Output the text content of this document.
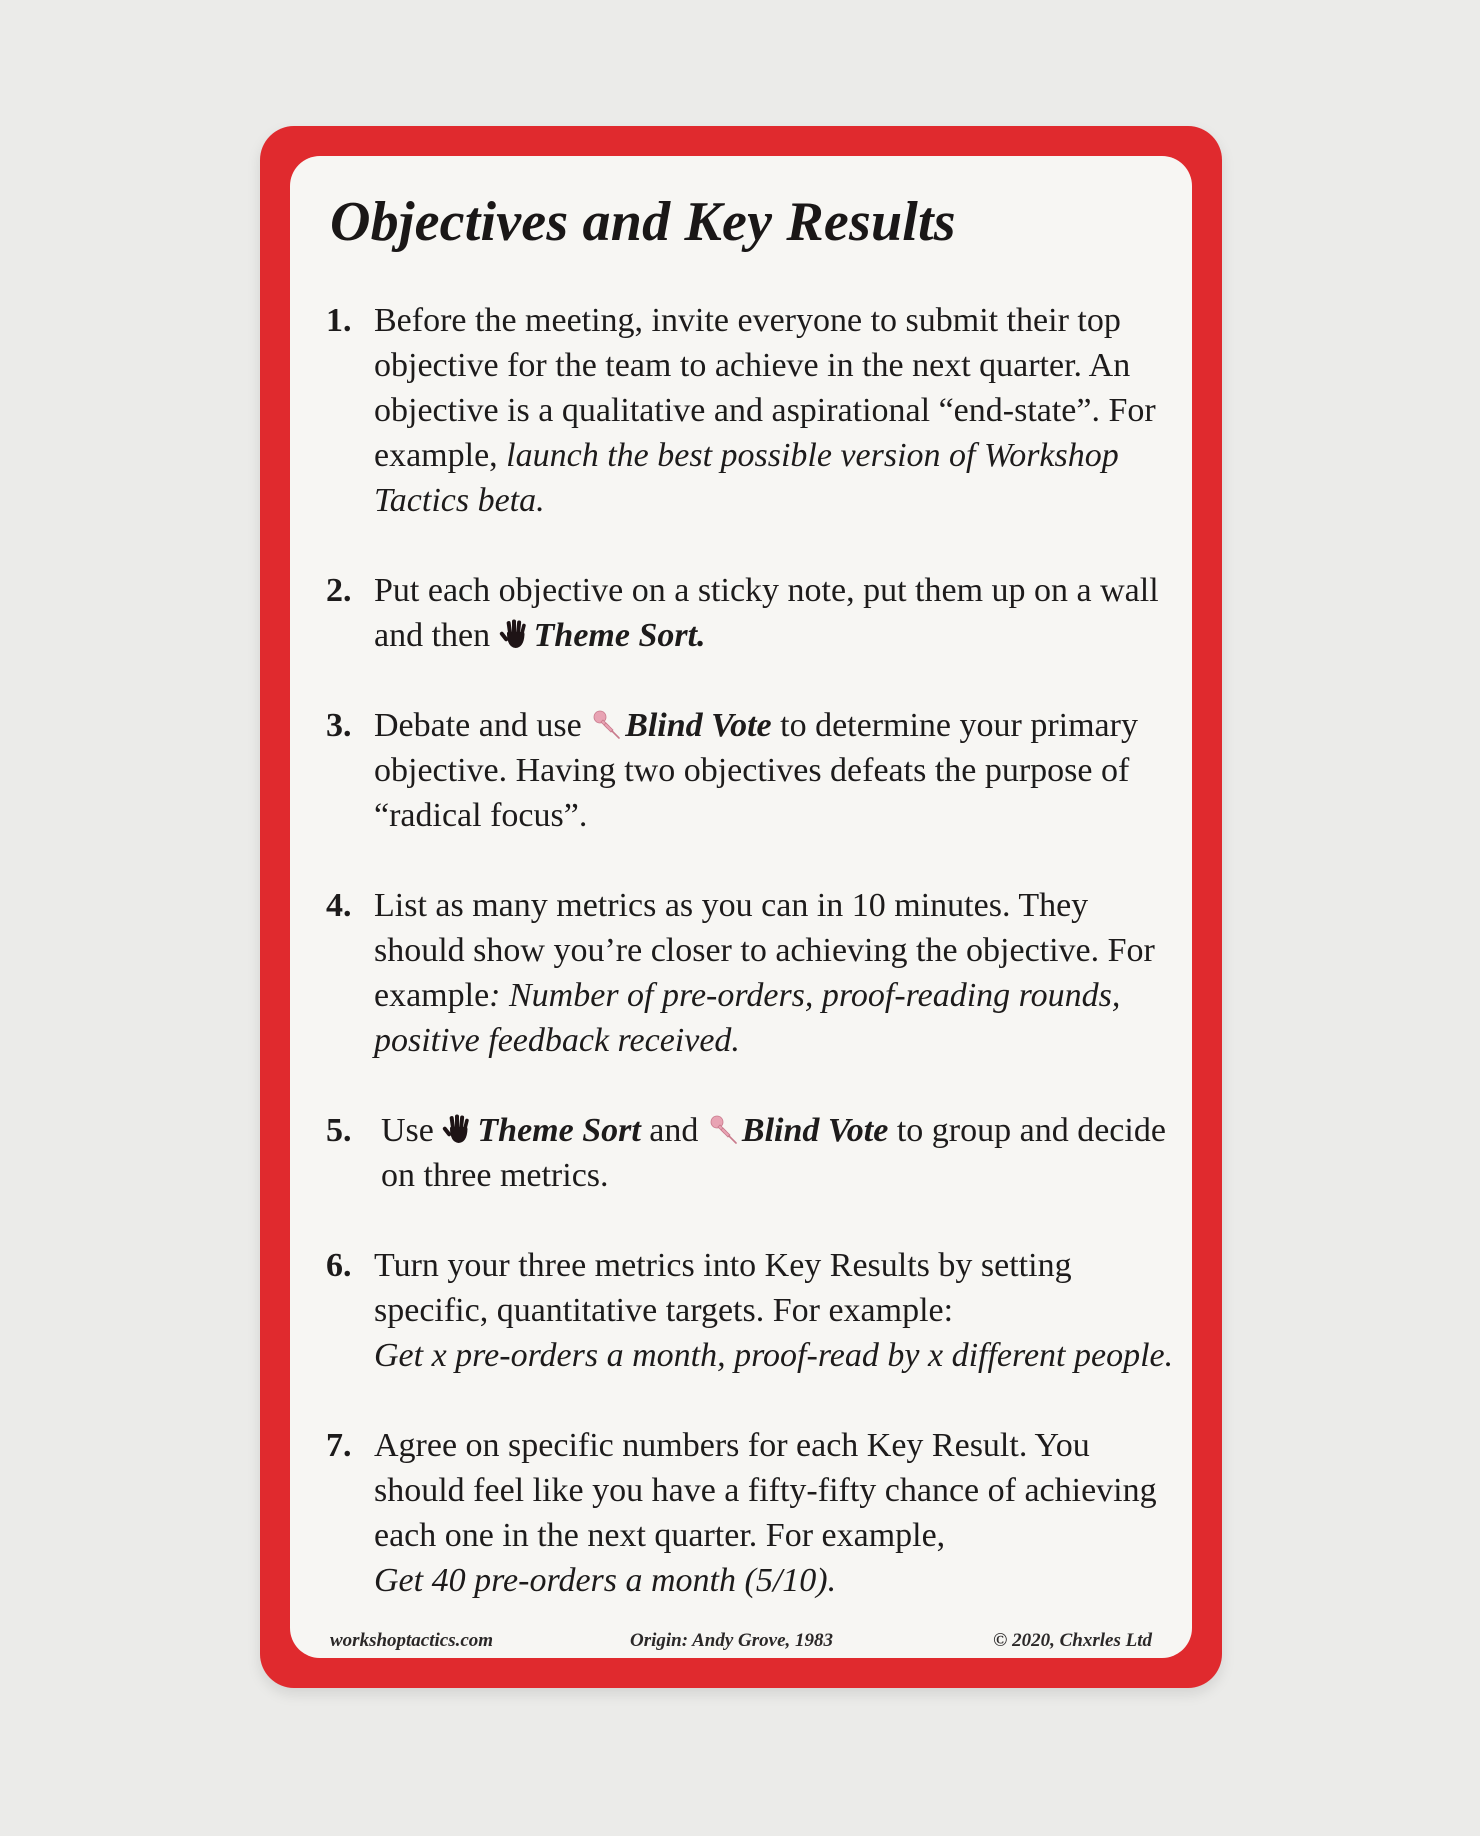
Objectives and Key Results
1. Before the meeting, invite everyone to submit their top objective for the team to achieve in the next quarter. An objective is a qualitative and aspirational “end-state”. For example, launch the best possible version of Workshop Tactics beta.
2. Put each objective on a sticky note, put them up on a wall and then Theme Sort.
3. Debate and use Blind Vote to determine your primary objective. Having two objectives defeats the purpose of “radical focus”.
4. List as many metrics as you can in 10 minutes. They should show you’re closer to achieving the objective. For example: Number of pre-orders, proof-reading rounds, positive feedback received.
5. Use Theme Sort and Blind Vote to group and decide on three metrics.
6. Turn your three metrics into Key Results by setting specific, quantitative targets. For example:
Get x pre-orders a month, proof-read by x different people.
7. Agree on specific numbers for each Key Result. You should feel like you have a fifty-fifty chance of achieving each one in the next quarter. For example,
Get 40 pre-orders a month (5/10).
workshoptactics.com	Origin: Andy Grove, 1983	© 2020, Chxrles Ltd
